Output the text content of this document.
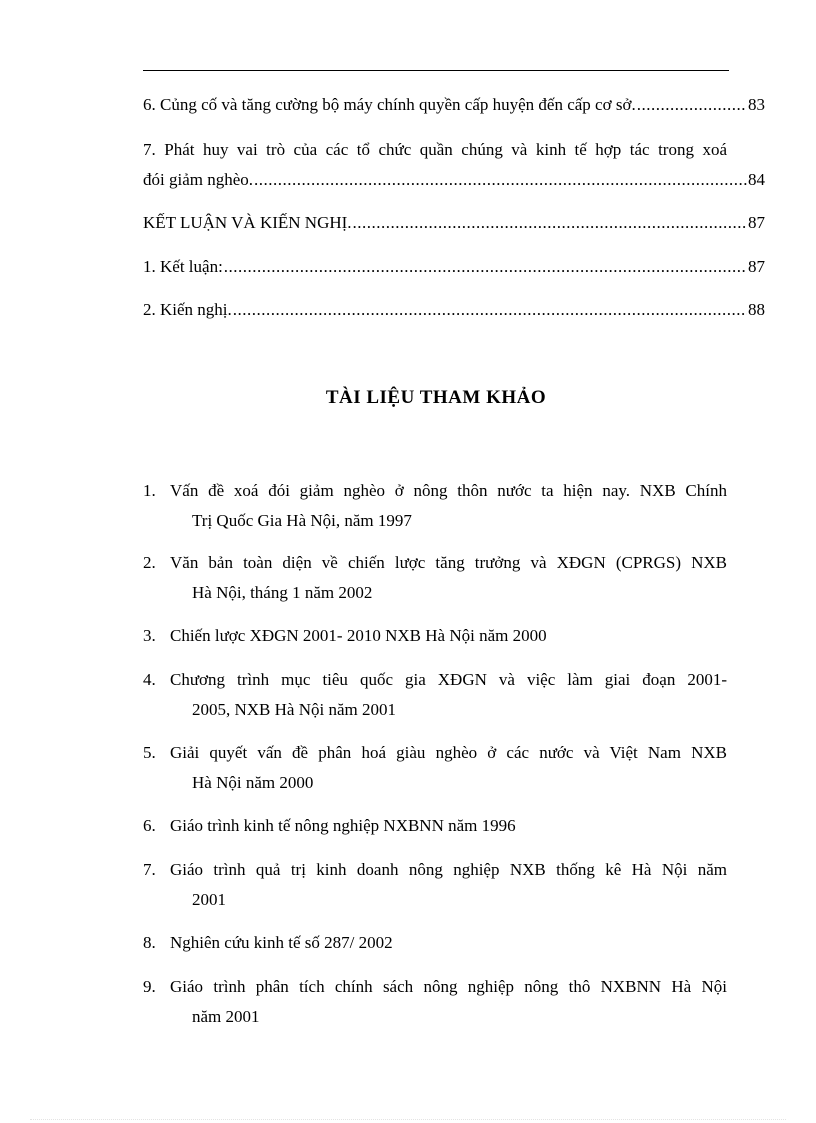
6. Củng cố và tăng cường bộ máy chính quyền cấp huyện đến cấp cơ sở. .....	83
7. Phát huy vai trò của các tổ chức quần chúng và kinh tế hợp tác trong xoá
đói giảm nghèo. .....	84
KẾT LUẬN VÀ KIẾN NGHỊ. .....	87
1. Kết luận: .....	87
2. Kiến nghị. .....	88
TÀI LIỆU THAM KHẢO
1. Vấn đề xoá đói giảm nghèo ở nông thôn nước ta hiện nay. NXB Chính
Trị Quốc Gia Hà Nội, năm 1997
2. Văn bản toàn diện về chiến lược tăng trưởng và XĐGN (CPRGS) NXB
Hà Nội, tháng 1 năm 2002
3. Chiến lược XĐGN 2001- 2010 NXB Hà Nội năm 2000
4. Chương trình mục tiêu quốc gia XĐGN và việc làm giai đoạn 2001-
2005, NXB Hà Nội năm 2001
5. Giải quyết vấn đề phân hoá giàu nghèo ở các nước và Việt Nam NXB
Hà Nội năm 2000
6. Giáo trình kinh tế nông nghiệp NXBNN năm 1996
7. Giáo trình quả trị kinh doanh nông nghiệp NXB thống kê Hà Nội năm
2001
8. Nghiên cứu kinh tế số 287/ 2002
9. Giáo trình phân tích chính sách nông nghiệp nông thô NXBNN Hà Nội
năm 2001
